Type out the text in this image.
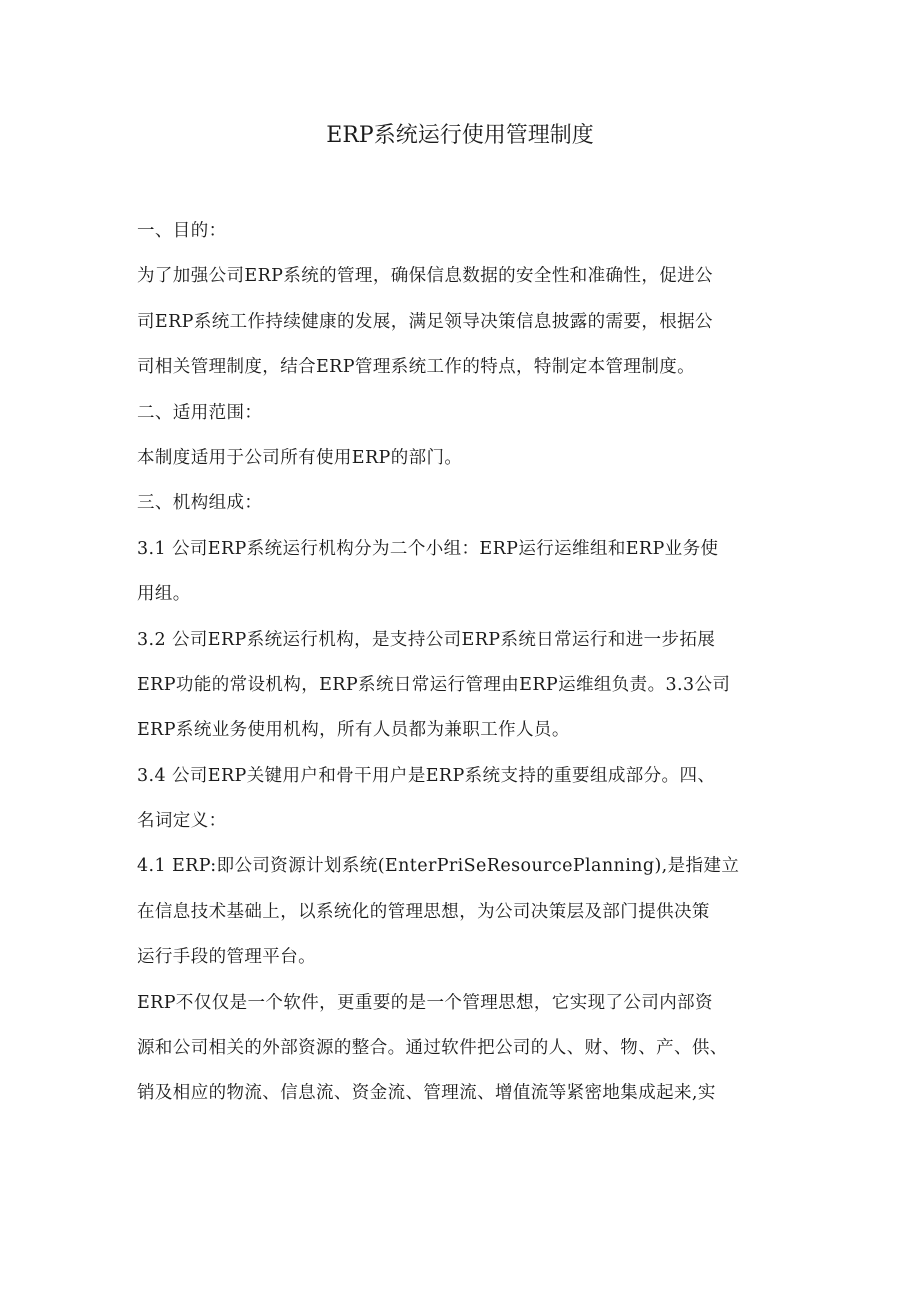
ERP系统运行使用管理制度
一、目的：
为了加强公司ERP系统的管理，确保信息数据的安全性和准确性，促进公
司ERP系统工作持续健康的发展，满足领导决策信息披露的需要，根据公
司相关管理制度，结合ERP管理系统工作的特点，特制定本管理制度。
二、适用范围：
本制度适用于公司所有使用ERP的部门。
三、机构组成：
3.1 公司ERP系统运行机构分为二个小组：ERP运行运维组和ERP业务使
用组。
3.2 公司ERP系统运行机构，是支持公司ERP系统日常运行和进一步拓展
ERP功能的常设机构，ERP系统日常运行管理由ERP运维组负责。3.3公司
ERP系统业务使用机构，所有人员都为兼职工作人员。
3.4 公司ERP关键用户和骨干用户是ERP系统支持的重要组成部分。四、
名词定义：
4.1 ERP:即公司资源计划系统(EnterPriSeResourcePlanning),是指建立
在信息技术基础上，以系统化的管理思想，为公司决策层及部门提供决策
运行手段的管理平台。
ERP不仅仅是一个软件，更重要的是一个管理思想，它实现了公司内部资
源和公司相关的外部资源的整合。通过软件把公司的人、财、物、产、供、
销及相应的物流、信息流、资金流、管理流、增值流等紧密地集成起来,实
